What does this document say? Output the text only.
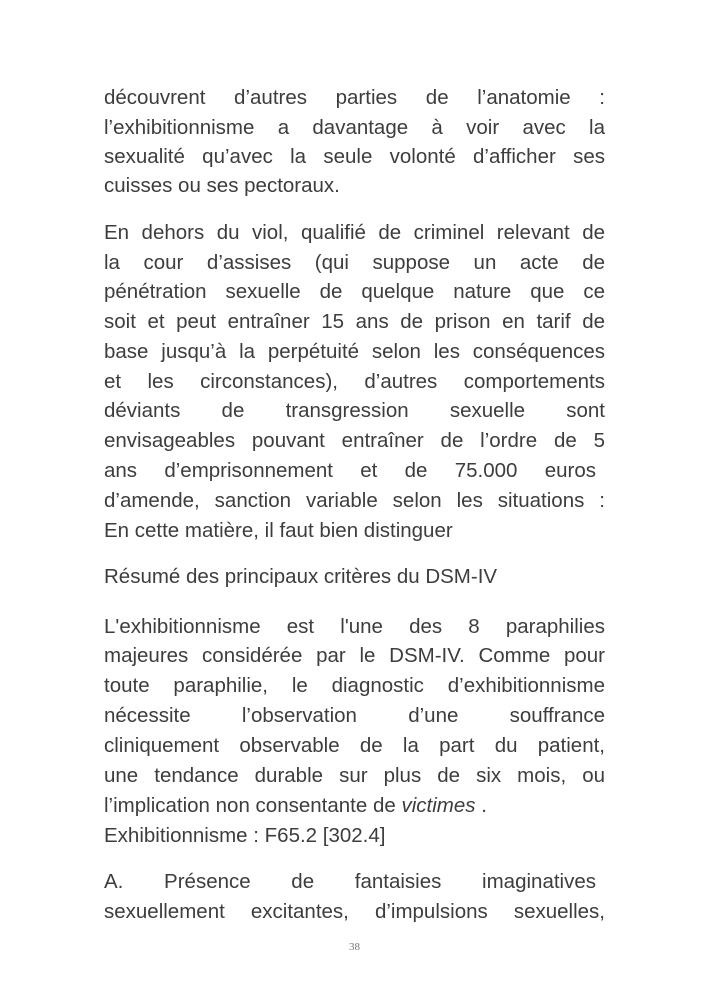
découvrent d’autres parties de l’anatomie :
l’exhibitionnisme a davantage à voir avec la
sexualité qu’avec la seule volonté d’afficher ses
cuisses ou ses pectoraux.
En dehors du viol, qualifié de criminel relevant de
la cour d’assises (qui suppose un acte de
pénétration sexuelle de quelque nature que ce
soit et peut entraîner 15 ans de prison en tarif de
base jusqu’à la perpétuité selon les conséquences
et les circonstances), d’autres comportements
déviants de transgression sexuelle sont
envisageables pouvant entraîner de l’ordre de 5
ans d’emprisonnement et de 75.000 euros
d’amende, sanction variable selon les situations :
En cette matière, il faut bien distinguer
Résumé des principaux critères du DSM-IV
L'exhibitionnisme est l'une des 8 paraphilies
majeures considérée par le DSM-IV. Comme pour
toute paraphilie, le diagnostic d’exhibitionnisme
nécessite l’observation d’une souffrance
cliniquement observable de la part du patient,
une tendance durable sur plus de six mois, ou
l’implication non consentante de victimes .
Exhibitionnisme : F65.2 [302.4]
A. Présence de fantaisies imaginatives
sexuellement excitantes, d’impulsions sexuelles,
38
